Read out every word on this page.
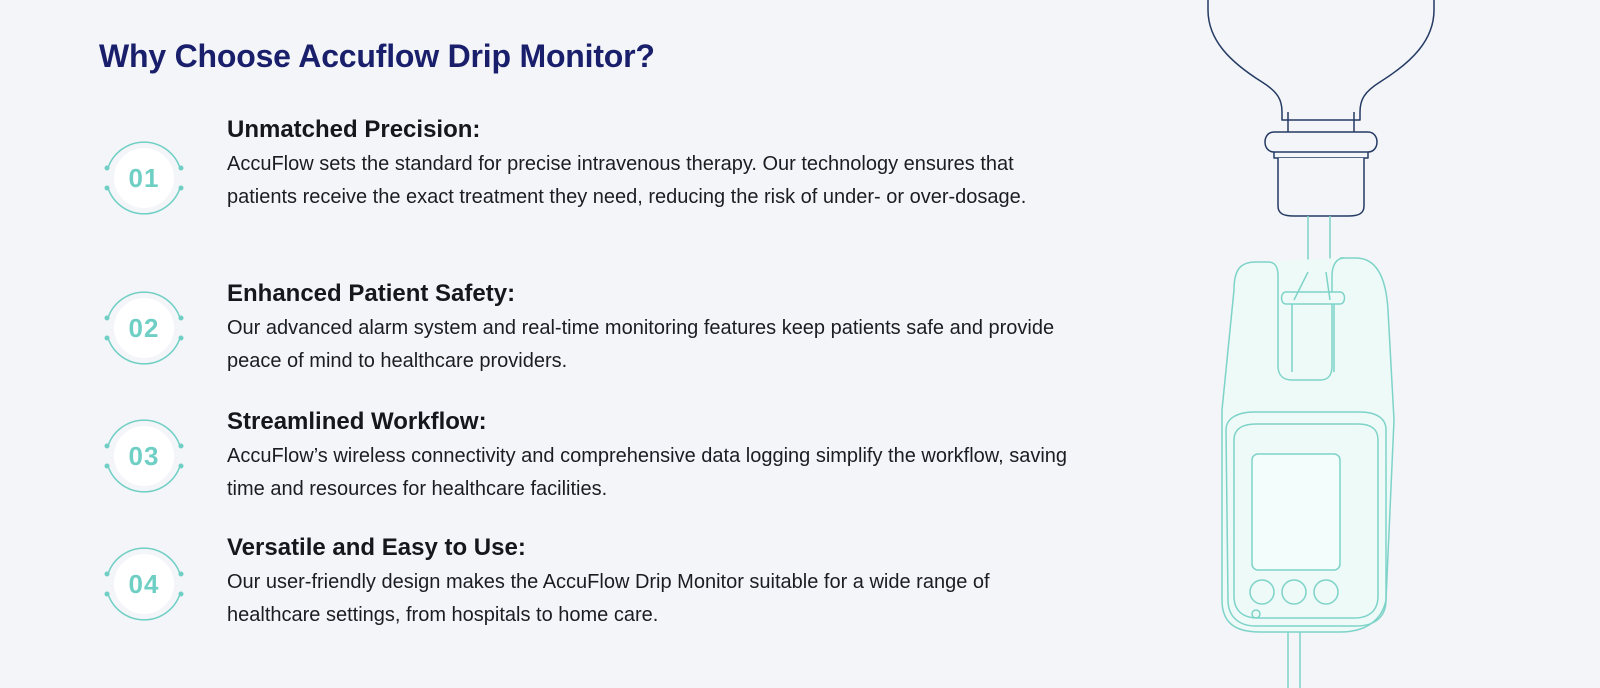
Why Choose Accuflow Drip Monitor?
01
Unmatched Precision:

AccuFlow sets the standard for precise intravenous therapy. Our technology ensures that patients receive the exact treatment they need, reducing the risk of under- or over-dosage.

02
Enhanced Patient Safety:

Our advanced alarm system and real-time monitoring features keep patients safe and provide peace of mind to healthcare providers.

03
Streamlined Workflow:

AccuFlow’s wireless connectivity and comprehensive data logging simplify the workflow, saving time and resources for healthcare facilities.

04
Versatile and Easy to Use:

Our user-friendly design makes the AccuFlow Drip Monitor suitable for a wide range of healthcare settings, from hospitals to home care.
